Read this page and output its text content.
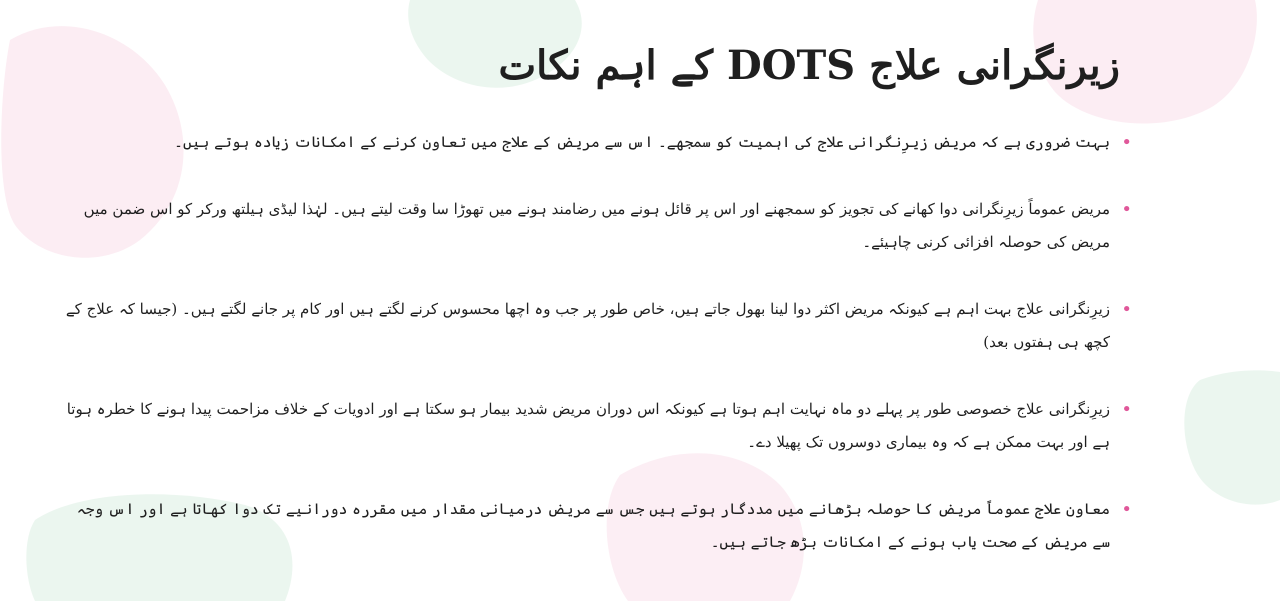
زیرنگرانی علاج DOTS کے اہم نکات
•
بہت ضروری ہے کہ مریض زیرِنگرانی علاج کی اہمیت کو سمجھے۔ اس سے مریض کے علاج میں تعاون کرنے کے امکانات زیادہ ہوتے ہیں۔
•
مریض عموماً زیرِنگرانی دوا کھانے کی تجویز کو سمجھنے اور اس پر قائل ہونے میں رضامند ہونے میں تھوڑا سا وقت لیتے ہیں۔ لہٰذا لیڈی ہیلتھ ورکر کو اس ضمن میں مریض کی حوصلہ افزائی کرنی چاہیئے۔
•
زیرِنگرانی علاج بہت اہم ہے کیونکہ مریض اکثر دوا لینا بھول جاتے ہیں، خاص طور پر جب وہ اچھا محسوس کرنے لگتے ہیں اور کام پر جانے لگتے ہیں۔ (جیسا کہ علاج کے کچھ ہی ہفتوں بعد)
•
زیرِنگرانی علاج خصوصی طور پر پہلے دو ماہ نہایت اہم ہوتا ہے کیونکہ اس دوران مریض شدید بیمار ہو سکتا ہے اور ادویات کے خلاف مزاحمت پیدا ہونے کا خطرہ ہوتا ہے اور بہت ممکن ہے کہ وہ بیماری دوسروں تک پھیلا دے۔
•
معاون علاج عموماً مریض کا حوصلہ بڑھانے میں مددگار ہوتے ہیں جس سے مریض درمیانی مقدار میں مقررہ دورانیے تک دوا کھاتا ہے اور اس وجہ سے مریض کے صحت یاب ہونے کے امکانات بڑھ جاتے ہیں۔
